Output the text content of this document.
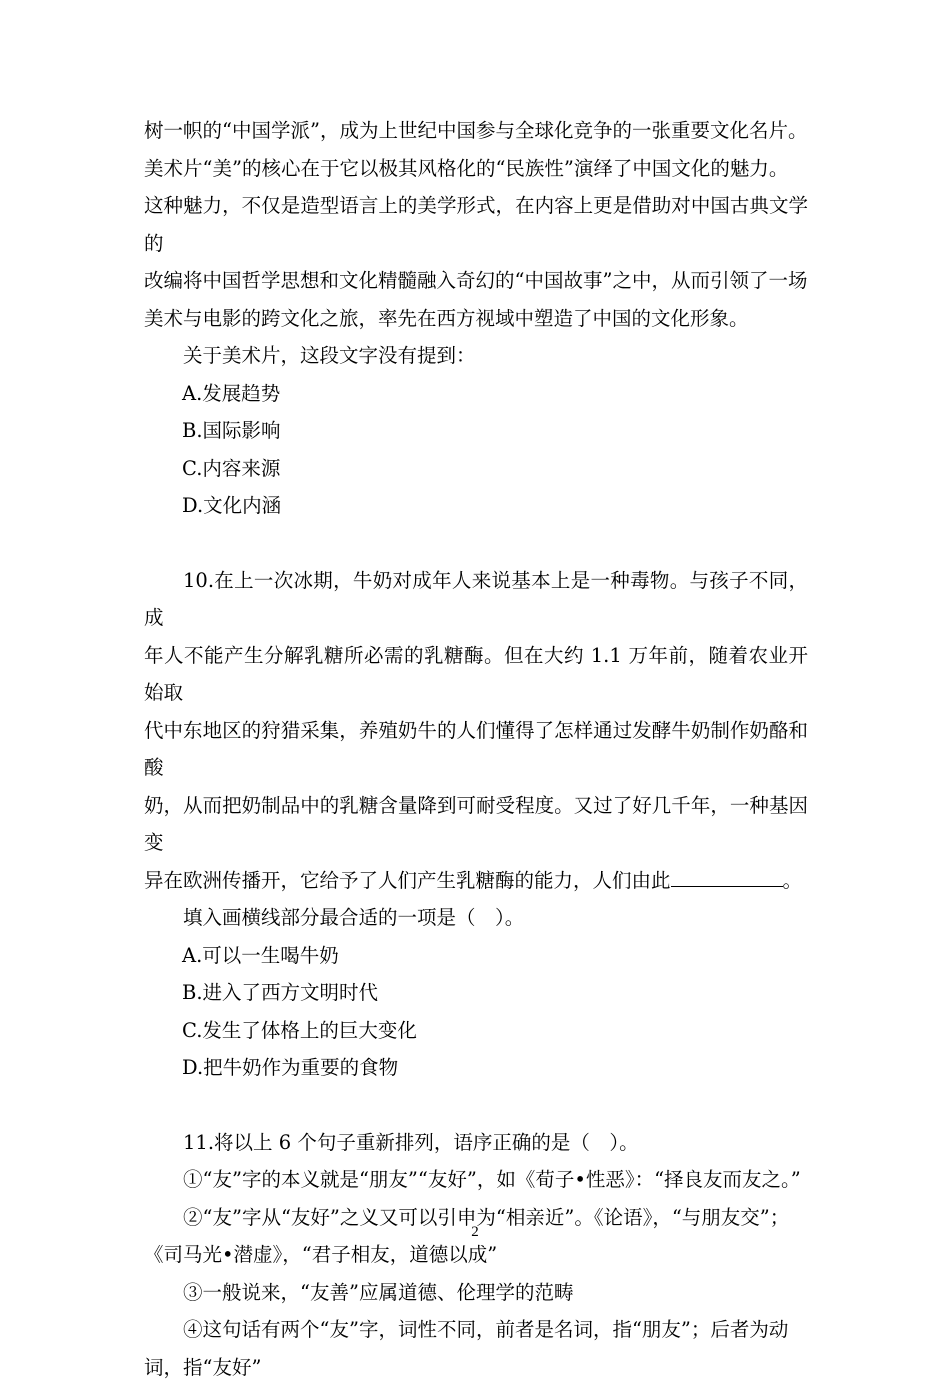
树一帜的“中国学派”，成为上世纪中国参与全球化竞争的一张重要文化名片。

美术片“美”的核心在于它以极其风格化的“民族性”演绎了中国文化的魅力。

这种魅力，不仅是造型语言上的美学形式，在内容上更是借助对中国古典文学的

改编将中国哲学思想和文化精髓融入奇幻的“中国故事”之中，从而引领了一场

美术与电影的跨文化之旅，率先在西方视域中塑造了中国的文化形象。

关于美术片，这段文字没有提到：

A.发展趋势

B.国际影响

C.内容来源

D.文化内涵

10.在上一次冰期，牛奶对成年人来说基本上是一种毒物。与孩子不同，成

年人不能产生分解乳糖所必需的乳糖酶。但在大约 1.1 万年前，随着农业开始取

代中东地区的狩猎采集，养殖奶牛的人们懂得了怎样通过发酵牛奶制作奶酪和酸

奶，从而把奶制品中的乳糖含量降到可耐受程度。又过了好几千年，一种基因变

异在欧洲传播开，它给予了人们产生乳糖酶的能力，人们由此	。

填入画横线部分最合适的一项是（　）。

A.可以一生喝牛奶

B.进入了西方文明时代

C.发生了体格上的巨大变化

D.把牛奶作为重要的食物

11.将以上 6 个句子重新排列，语序正确的是（　）。

①“友”字的本义就是“朋友”“友好”，如《荀子•性恶》：“择良友而友之。”

②“友”字从“友好”之义又可以引申为“相亲近”。《论语》，“与朋友交”；

《司马光•潜虚》，“君子相友，道德以成”

③一般说来，“友善”应属道德、伦理学的范畴

④这句话有两个“友”字，词性不同，前者是名词，指“朋友”；后者为动

词，指“友好”

2
